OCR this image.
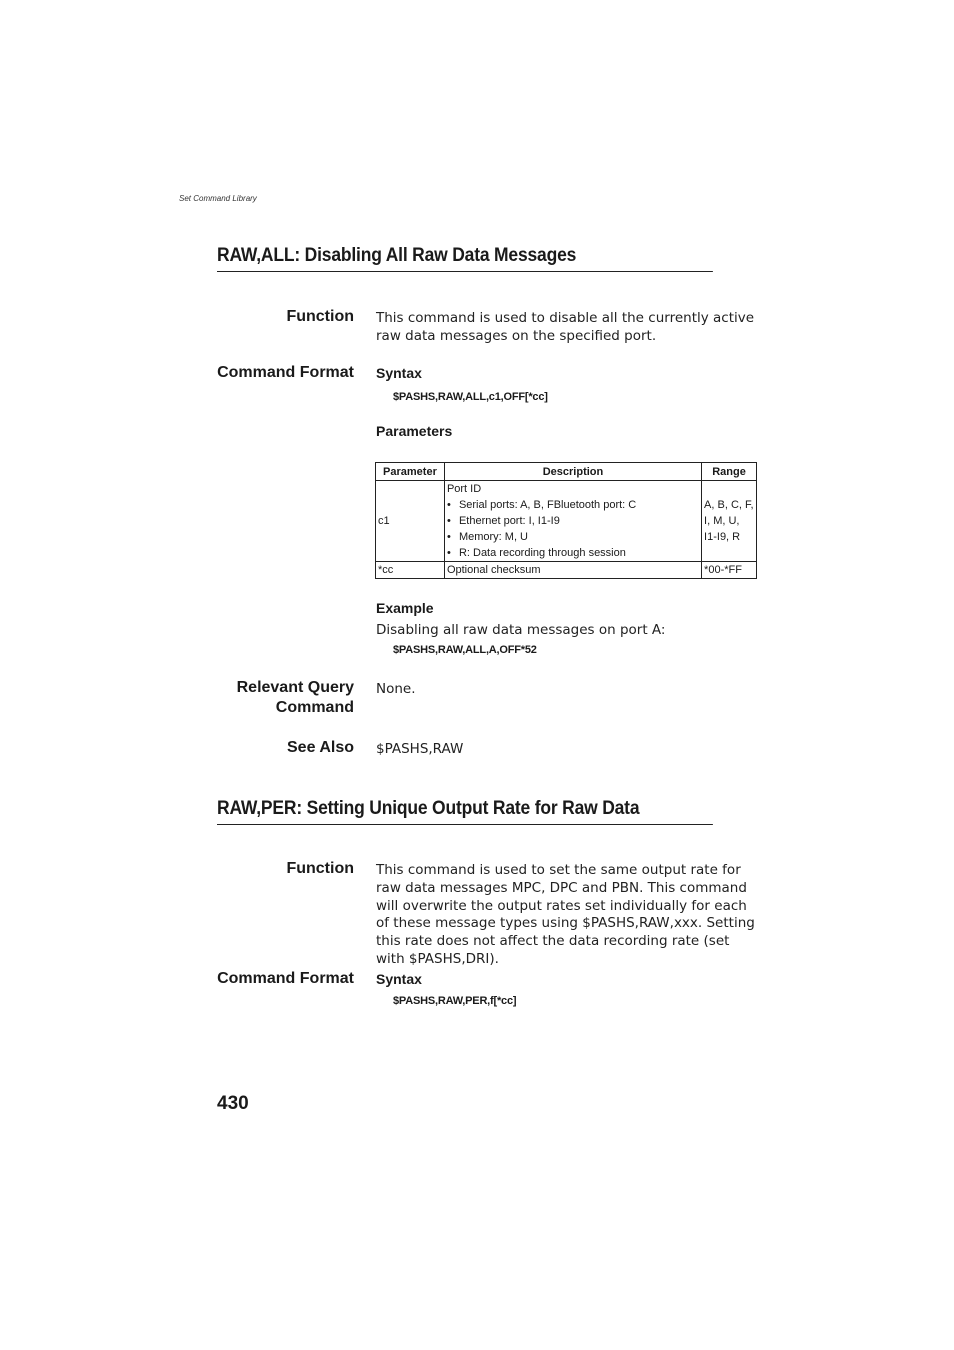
Set Command Library
RAW,ALL: Disabling All Raw Data Messages
Function This command is used to disable all the currently active raw data messages on the specified port.
Command Format Syntax
$PASHS,RAW,ALL,c1,OFF[*cc]
Parameters
Parameter	Description	Range
c1	Port ID
• Serial ports: A, B, FBluetooth port: C
• Ethernet port: I, I1-I9
• Memory: M, U
• R: Data recording through session	A, B, C, F,
I, M, U,
I1-I9, R

*cc	Optional checksum	*00-*FF
Example
Disabling all raw data messages on port A:
$PASHS,RAW,ALL,A,OFF*52
Relevant Query
Command
None.
See Also $PASHS,RAW
RAW,PER: Setting Unique Output Rate for Raw Data
Function This command is used to set the same output rate for raw data messages MPC, DPC and PBN. This command will overwrite the output rates set individually for each of these message types using $PASHS,RAW,xxx. Setting this rate does not affect the data recording rate (set with $PASHS,DRI).
Command Format Syntax
$PASHS,RAW,PER,f[*cc]
430
